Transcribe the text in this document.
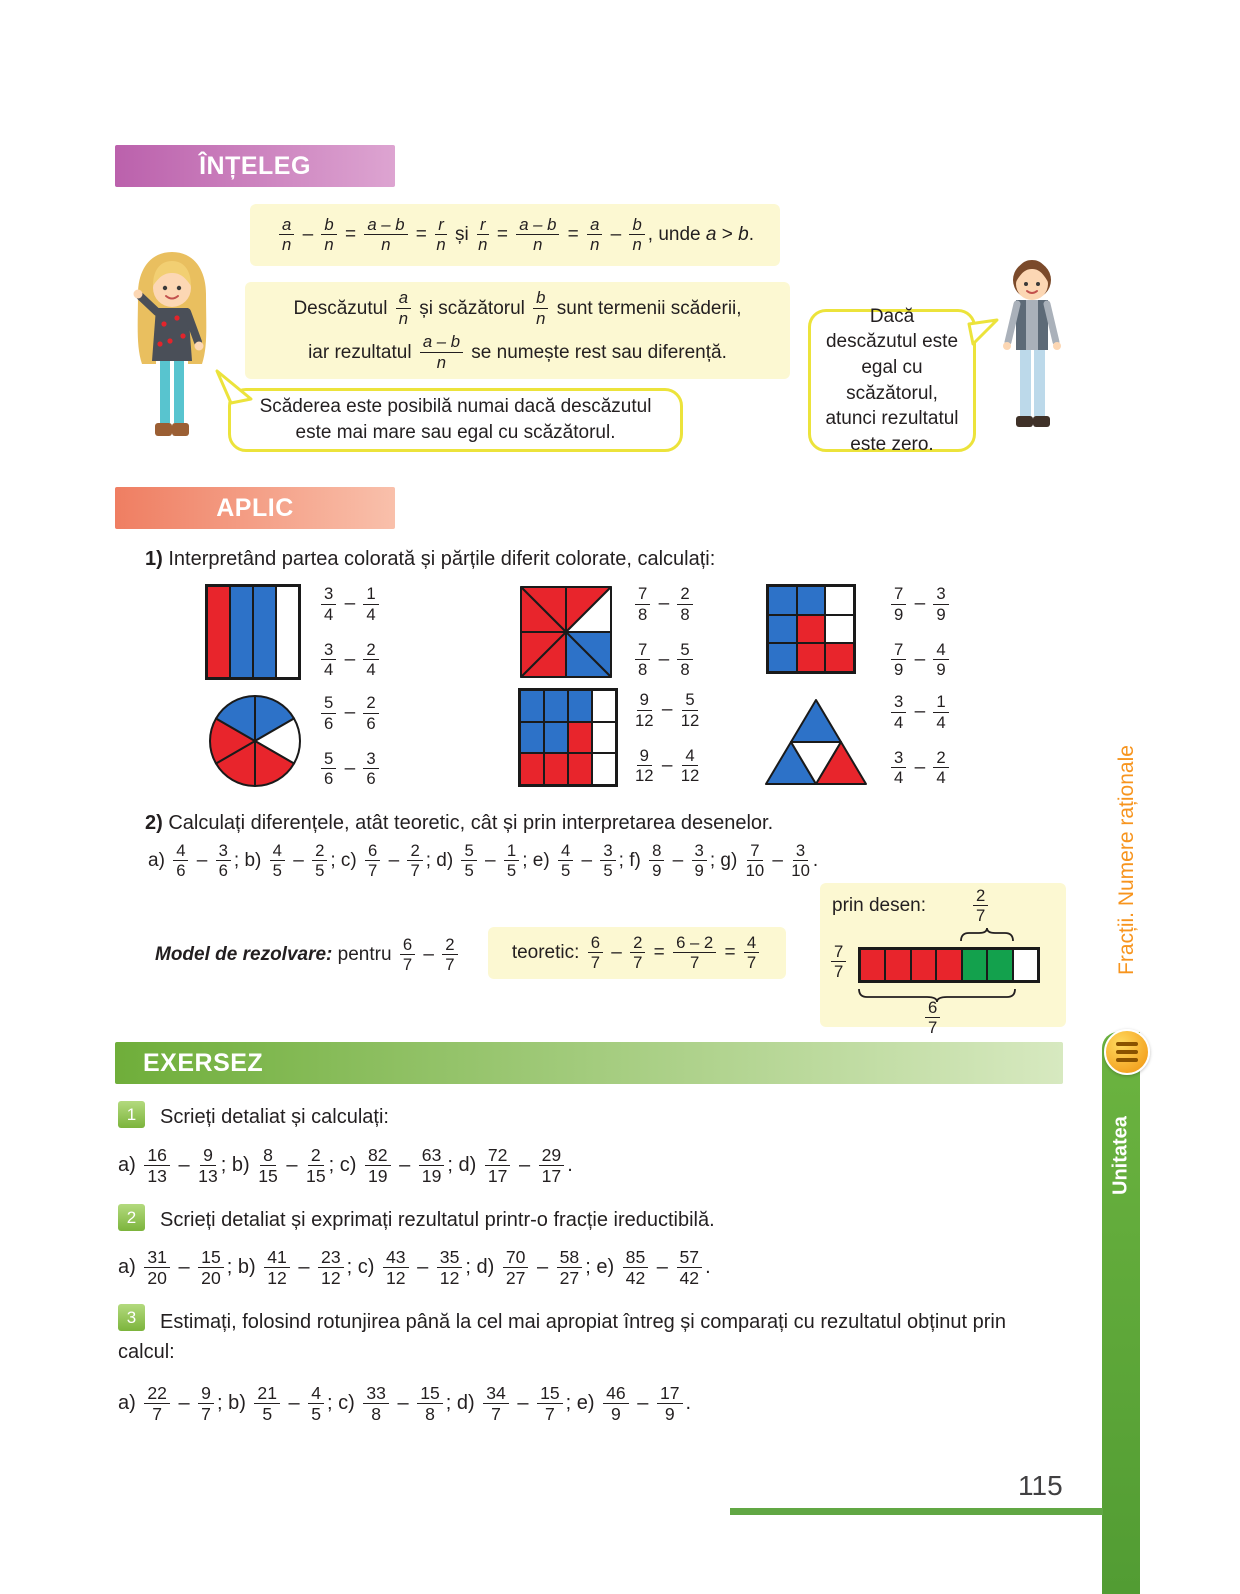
ÎNȚELEG
$\frac{a}{n} - \frac{b}{n} = \frac{a - b}{n} = \frac{r}{n}$ și $\frac{r}{n} = \frac{a - b}{n} = \frac{a}{n} - \frac{b}{n}$ , unde a > b.
Descăzutul $\frac{a}{n}$ și scăzătorul $\frac{b}{n}$ sunt termenii scăderii,
iar rezultatul $\frac{a - b}{n}$ se numește rest sau diferență.
Scăderea este posibilă numai dacă descăzutul este mai mare sau egal cu scăzătorul.
Dacă descăzutul este egal cu scăzătorul, atunci rezultatul este zero.
APLIC
1) Interpretând partea colorată și părțile diferit colorate, calculați:
$\frac{3}{4} - \frac{1}{4}$
$\frac{3}{4} - \frac{2}{4}$
$\frac{7}{8} - \frac{2}{8}$
$\frac{7}{8} - \frac{5}{8}$
$\frac{7}{9} - \frac{3}{9}$
$\frac{7}{9} - \frac{4}{9}$
$\frac{5}{6} - \frac{2}{6}$
$\frac{5}{6} - \frac{3}{6}$
$\frac{9}{12} - \frac{5}{12}$
$\frac{9}{12} - \frac{4}{12}$
$\frac{3}{4} - \frac{1}{4}$
$\frac{3}{4} - \frac{2}{4}$
2) Calculați diferențele, atât teoretic, cât și prin interpretarea desenelor.
$a) \frac{4}{6} - \frac{3}{6}$ ; $b) \frac{4}{5} - \frac{2}{5}$ ; $c) \frac{6}{7} - \frac{2}{7}$ ; $d) \frac{5}{5} - \frac{1}{5}$ ; $e) \frac{4}{5} - \frac{3}{5}$ ; $f) \frac{8}{9} - \frac{3}{9}$ ; $g) \frac{7}{10} - \frac{3}{10}$ .
Model de rezolvare: pentru $\frac{6}{7} - \frac{2}{7}$	teoretic: $\frac{6}{7} - \frac{2}{7} = \frac{6 - 2}{7} = \frac{4}{7}$
prin desen:	$\frac{2}{7}$
$\frac{7}{7}$
$\frac{6}{7}$
EXERSEZ
1	Scrieți detaliat și calculați:
$a) \frac{16}{13} - \frac{9}{13}$ ; $b) \frac{8}{15} - \frac{2}{15}$ ; $c) \frac{82}{19} - \frac{63}{19}$ ; $d) \frac{72}{17} - \frac{29}{17}$ .
2	Scrieți detaliat și exprimați rezultatul printr-o fracție ireductibilă.
$a) \frac{31}{20} - \frac{15}{20}$ ; $b) \frac{41}{12} - \frac{23}{12}$ ; $c) \frac{43}{12} - \frac{35}{12}$ ; $d) \frac{70}{27} - \frac{58}{27}$ ; $e) \frac{85}{42} - \frac{57}{42}$ .
3	Estimați, folosind rotunjirea până la cel mai apropiat întreg și comparați cu rezultatul obținut prin calcul:
$a) \frac{22}{7} - \frac{9}{7}$ ; $b) \frac{21}{5} - \frac{4}{5}$ ; $c) \frac{33}{8} - \frac{15}{8}$ ; $d) \frac{34}{7} - \frac{15}{7}$ ; $e) \frac{46}{9} - \frac{17}{9}$ .
Fracții. Numere raționale
Unitatea
115
